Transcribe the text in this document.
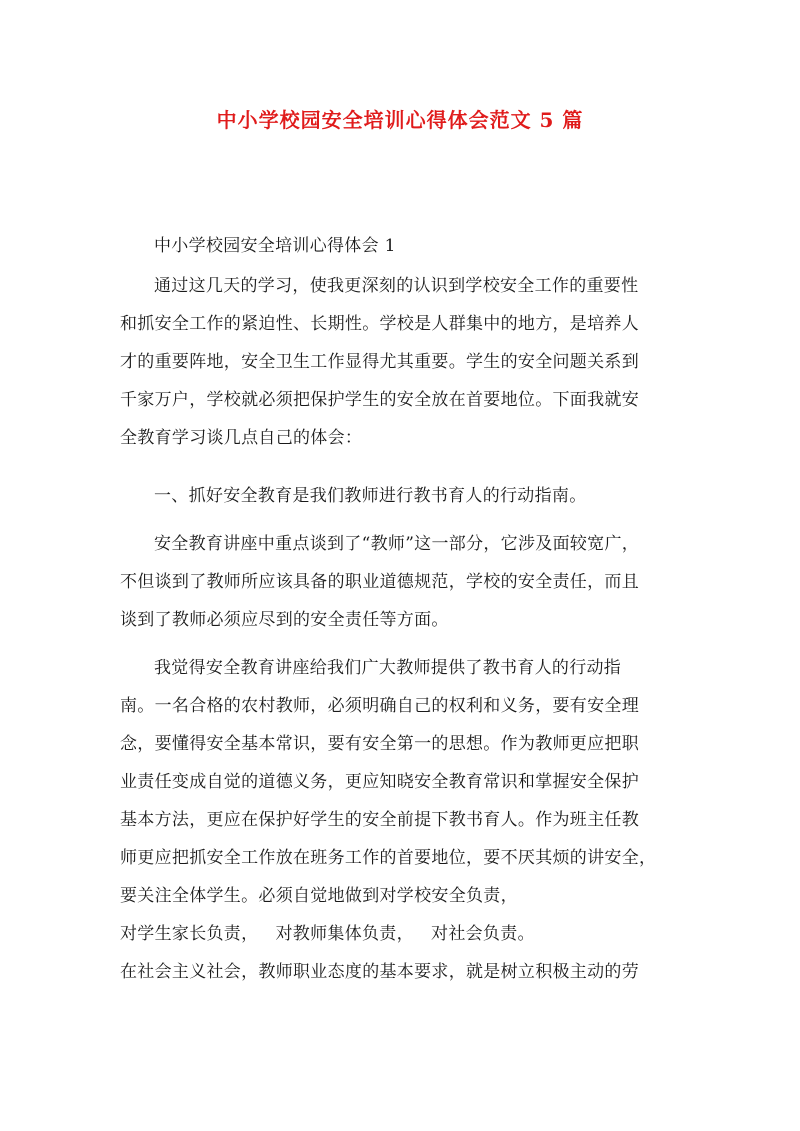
中小学校园安全培训心得体会范文 5 篇
中小学校园安全培训心得体会 1
通过这几天的学习，使我更深刻的认识到学校安全工作的重要性
和抓安全工作的紧迫性、长期性。学校是人群集中的地方，是培养人
才的重要阵地，安全卫生工作显得尤其重要。学生的安全问题关系到
千家万户，学校就必须把保护学生的安全放在首要地位。下面我就安
全教育学习谈几点自己的体会：
一、抓好安全教育是我们教师进行教书育人的行动指南。
安全教育讲座中重点谈到了“教师”这一部分，它涉及面较宽广，
不但谈到了教师所应该具备的职业道德规范，学校的安全责任，而且
谈到了教师必须应尽到的安全责任等方面。
我觉得安全教育讲座给我们广大教师提供了教书育人的行动指
南。一名合格的农村教师，必须明确自己的权利和义务，要有安全理
念，要懂得安全基本常识，要有安全第一的思想。作为教师更应把职
业责任变成自觉的道德义务，更应知晓安全教育常识和掌握安全保护
基本方法，更应在保护好学生的安全前提下教书育人。作为班主任教
师更应把抓安全工作放在班务工作的首要地位，要不厌其烦的讲安全，
要关注全体学生。必须自觉地做到对学校安全负责，
对学生家长负责，   对教师集体负责，   对社会负责。
在社会主义社会，教师职业态度的基本要求，就是树立积极主动的劳
